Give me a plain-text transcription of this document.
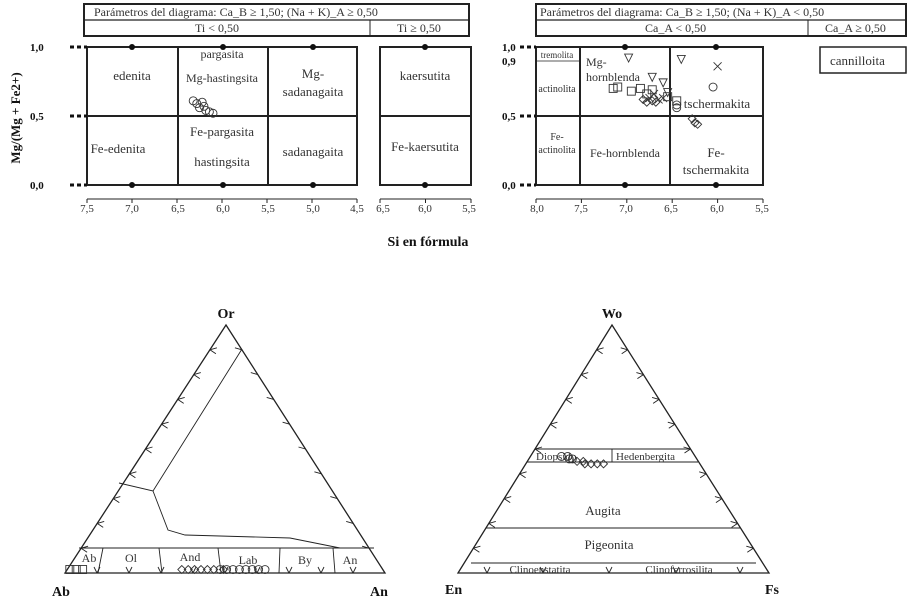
Parámetros del diagrama: Ca_B ≥ 1,50; (Na + K)_A ≥ 0,50
Ti < 0,50	Ti ≥ 0,50
Parámetros del diagrama: Ca_B ≥ 1,50; (Na + K)_A < 0,50
Ca_A < 0,50	Ca_A ≥ 0,50
cannilloita
Mg/(Mg + Fe2+)
Si en fórmula
1,0
0,5
0,0
edenita
pargasita
Mg-hastingsita	Mg-
sadanagaita
Fe-edenita
Fe-pargasita
hastingsita
sadanagaita
7,5	7,0	6,5	6,0	5,5	5,0	4,5
kaersutita
Fe-kaersutita
6,5	6,0	5,5
1,0
0,9
0,5
0,0
tremolita
actinolita
Fe-
actinolita
Mg-
hornblenda
tschermakita
Fe-hornblenda	Fe-
tschermakita
8,0	7,5	7,0	6,5	6,0	5,5
Or
Ab	An
Ab Ol	And	Lab	By	An
Wo
En	Fs
Diopsido	Hedenbergita
Augita
Pigeonita
Clinoenstatita	Clinoferrosilita
